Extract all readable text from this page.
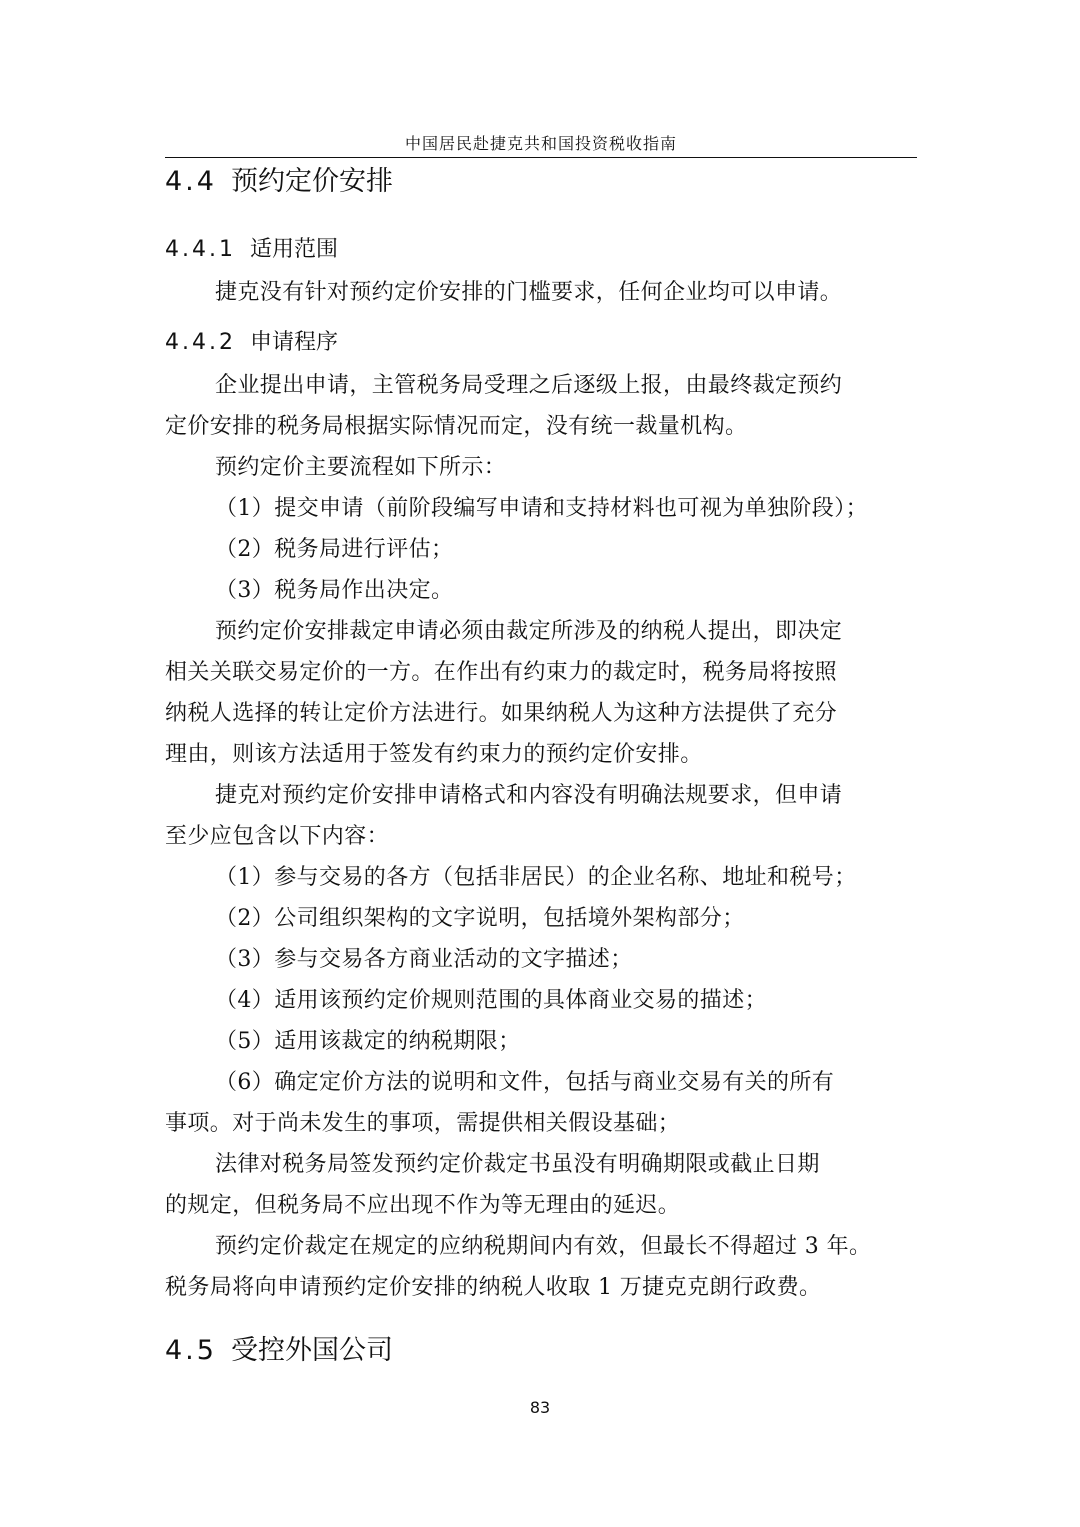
中国居民赴捷克共和国投资税收指南
4.4 预约定价安排
4.4.1 适用范围

捷克没有针对预约定价安排的门槛要求，任何企业均可以申请。

4.4.2 申请程序

企业提出申请，主管税务局受理之后逐级上报，由最终裁定预约

定价安排的税务局根据实际情况而定，没有统一裁量机构。

预约定价主要流程如下所示：

（1）提交申请（前阶段编写申请和支持材料也可视为单独阶段）；

（2）税务局进行评估；

（3）税务局作出决定。

预约定价安排裁定申请必须由裁定所涉及的纳税人提出，即决定

相关关联交易定价的一方。在作出有约束力的裁定时，税务局将按照

纳税人选择的转让定价方法进行。如果纳税人为这种方法提供了充分

理由，则该方法适用于签发有约束力的预约定价安排。

捷克对预约定价安排申请格式和内容没有明确法规要求，但申请

至少应包含以下内容：

（1）参与交易的各方（包括非居民）的企业名称、地址和税号；

（2）公司组织架构的文字说明，包括境外架构部分；

（3）参与交易各方商业活动的文字描述；

（4）适用该预约定价规则范围的具体商业交易的描述；

（5）适用该裁定的纳税期限；

（6）确定定价方法的说明和文件，包括与商业交易有关的所有

事项。对于尚未发生的事项，需提供相关假设基础；

法律对税务局签发预约定价裁定书虽没有明确期限或截止日期

的规定，但税务局不应出现不作为等无理由的延迟。

预约定价裁定在规定的应纳税期间内有效，但最长不得超过 3 年。

税务局将向申请预约定价安排的纳税人收取 1 万捷克克朗行政费。

4.5 受控外国公司
83
